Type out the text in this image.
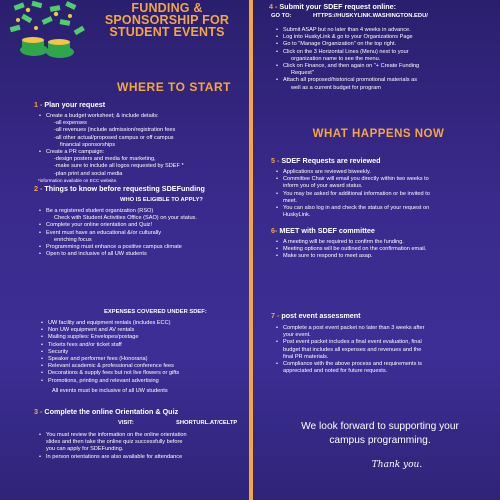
FUNDING &
SPONSORSHIP FOR
STUDENT EVENTS
WHERE TO START
1 - Plan your request
• Create a budget worksheet; & include details:
-all expenses
-all revenues (include admission/registration fees
-all other actual/proposed campus or off campus
financial sponsorships
• Create a PR campaign:
-design posters and media for marketing,
-make sure to include all logos requested by SDEF *
-plan print and social media
*information available on ECC website.
2 - Things to know before requesting SDEFunding
WHO IS ELIGIBLE TO APPLY?
• Be a registered student organization (RSO)
Check with Student Activities Office (SAO) on your status.
• Complete your online orientation and Quiz!
• Event must have an educational &/or culturally
enriching focus
• Programming must enhance a positive campus climate
• Open to and inclusive of all UW students
EXPENSES COVERED UNDER SDEF:
• UW facility and equipment rentals (includes ECC)
• Non UW equipment and AV rentals
• Mailing supplies: Envelopes/postage
• Tickets fees and/or ticket staff
• Security
• Speaker and performer fees (Honoraria)
• Relevant academic & professional conference fees
• Decorations & supply fees but not live flowers or gifts
• Promotions, printing and relevant advertising
All events must be inclusive of all UW students
3 - Complete the online Orientation & Quiz
VISIT:	SHORTURL.AT/CELTP
• You must review the information on the online orientation
slides and then take the online quiz successfully before
you can apply for SDEFunding.
• In person orientations are also available for attendance
4 - Submit your SDEF request online:
GO TO:	HTTPS://HUSKYLINK.WASHINGTON.EDU/
• Submit ASAP but no later than 4 weeks in advance.
• Log into HuskyLink & go to your Organizations Page
• Go to "Manage Organization" on the top right.
• Click on the 3 Horizontal Lines (Menu) next to your
organization name to see the menu.
• Click on Finance, and then again on "+ Create Funding
Request"
• Attach all proposed/historical promotional materials as
well as a current budget for program
WHAT HAPPENS NOW
5 - SDEF Requests are reviewed
• Applications are reviewed biweekly.
• Committee Chair will email you directly within two weeks to
inform you of your award status.
• You may be asked for additional information or be invited to
meet.
• You can also log in and check the status of your request on
HuskyLink.
6- MEET with SDEF committee
• A meeting will be required to confirm the funding.
• Meeting options will be outlined on the confirmation email.
• Make sure to respond to meet asap.
7 - post event assessment
• Complete a post event packet no later than 3 weeks after
your event.
• Post event packet includes a final event evaluation, final
budget that includes all expenses and revenues and the
final PR materials.
• Compliance with the above process and requirements is
appreciated and noted for future requests.
We look forward to supporting your
campus programming.
Thank you.
